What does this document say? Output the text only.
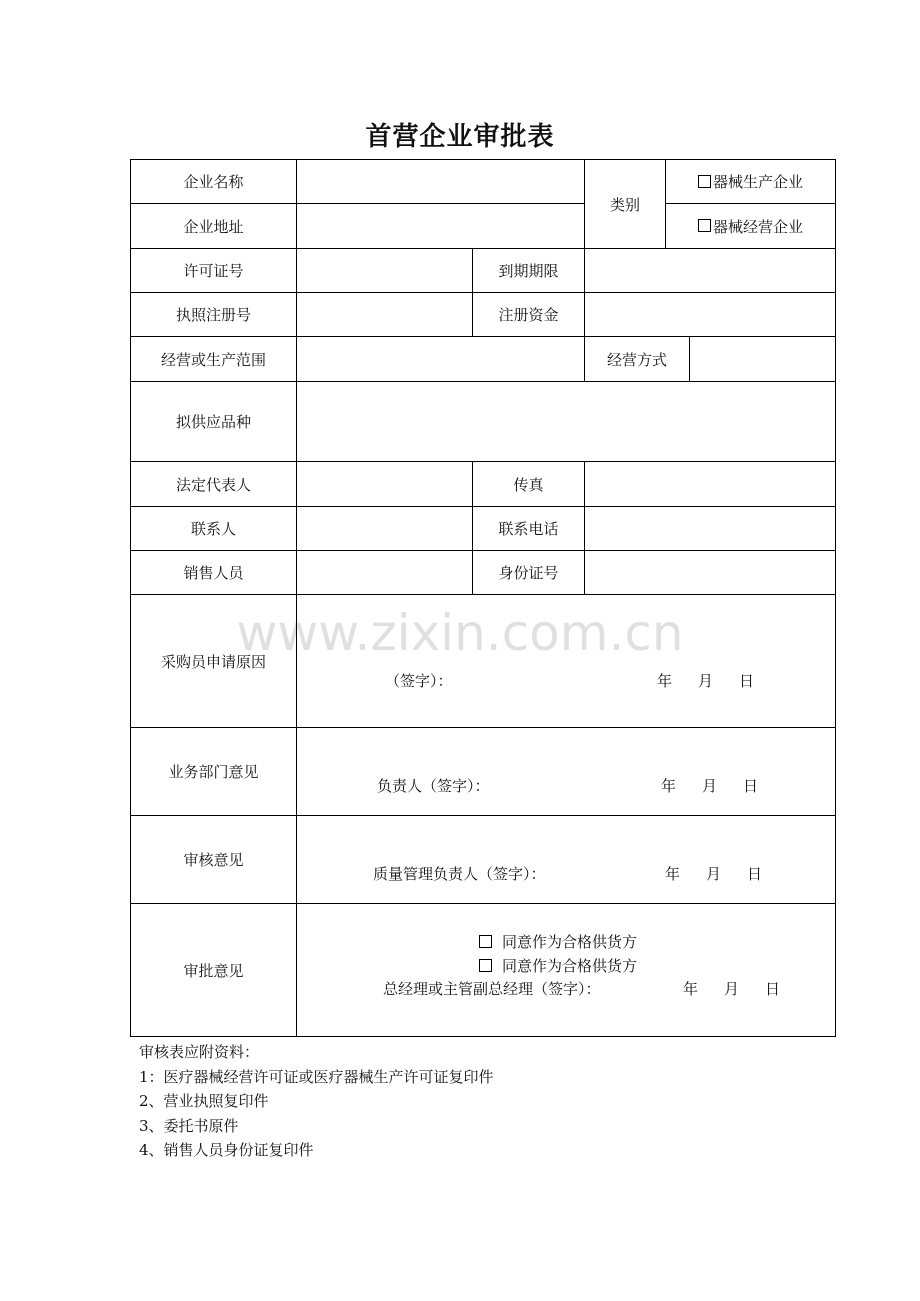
首营企业审批表
企业名称			类别	器械生产企业	
企业地址				器械经营企业	
许可证号		到期期限			
执照注册号		注册资金			
经营或生产范围			经营方式		
拟供应品种					
法定代表人		传真			
联系人		联系电话			
销售人员		身份证号			
采购员申请原因	（签字）： 年 月 日				

业务部门意见	负责人（签字）： 年 月 日				

审核意见	质量管理负责人（签字）： 年 月 日				

审批意见	同意作为合格供货方
同意作为合格供货方
总经理或主管副总经理（签字）： 年 月 日				
www.zixin.com.cn
审核表应附资料：
1：医疗器械经营许可证或医疗器械生产许可证复印件
2、营业执照复印件
3、委托书原件
4、销售人员身份证复印件
